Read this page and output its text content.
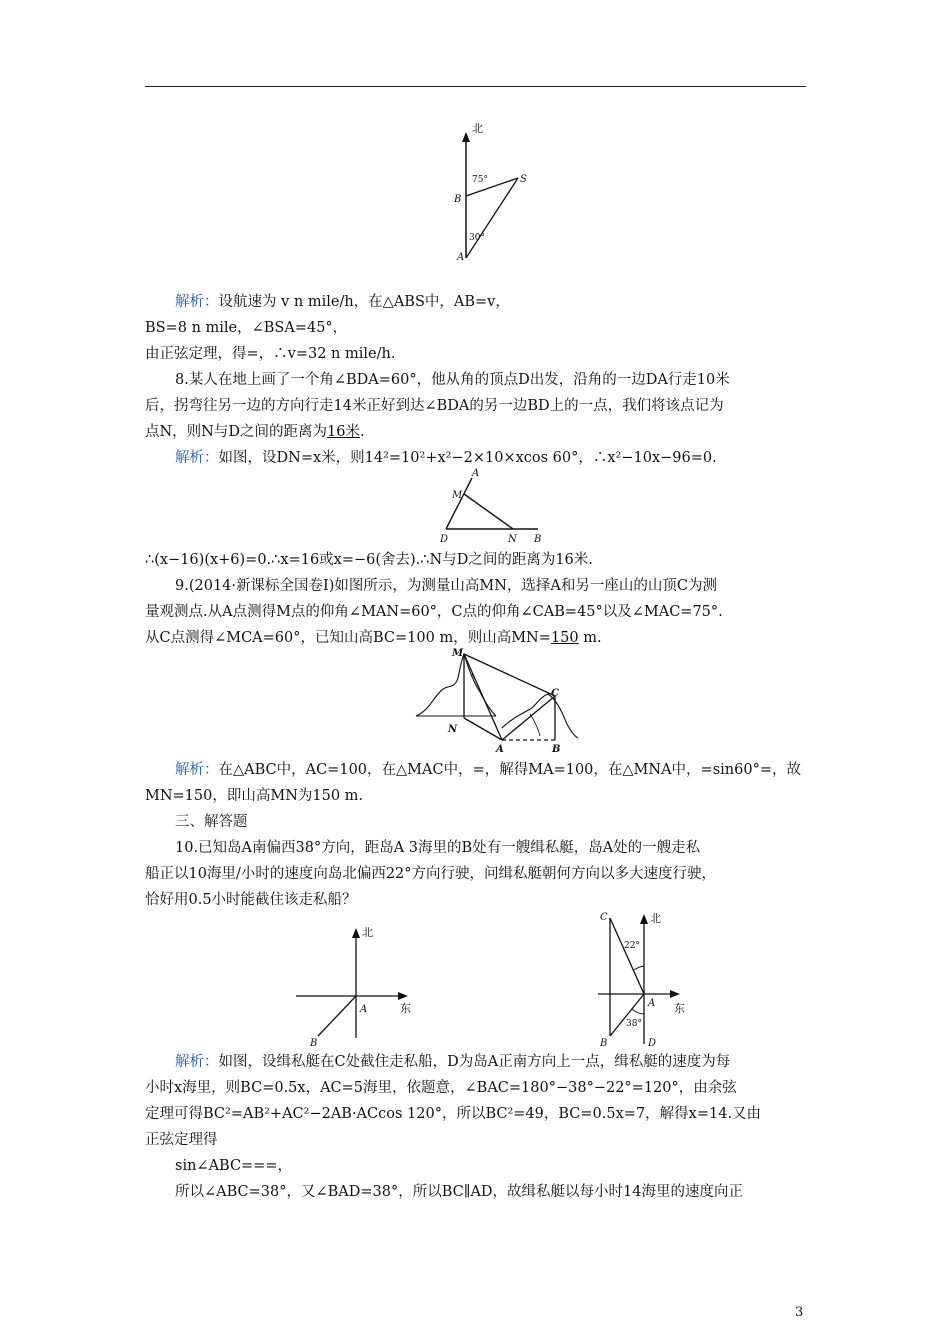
北
75°	S
B
30°
A
解析：设航速为 v n mile/h，在△ABS中，AB=v，
BS=8 n mile，∠BSA=45°，
由正弦定理，得=，∴v=32 n mile/h.
8.某人在地上画了一个角∠BDA=60°，他从角的顶点D出发，沿角的一边DA行走10米
后，拐弯往另一边的方向行走14米正好到达∠BDA的另一边BD上的一点，我们将该点记为
点N，则N与D之间的距离为16米.
解析：如图，设DN=x米，则14²=10²+x²−2×10×xcos 60°，∴x²−10x−96=0.
A
M
D	N B
∴(x−16)(x+6)=0.∴x=16或x=−6(舍去).∴N与D之间的距离为16米.
9.(2014·新课标全国卷Ⅰ)如图所示，为测量山高MN，选择A和另一座山的山顶C为测
量观测点.从A点测得M点的仰角∠MAN=60°，C点的仰角∠CAB=45°以及∠MAC=75°.
从C点测得∠MCA=60°，已知山高BC=100 m，则山高MN=150 m.
M
C
N
A	B
解析：在△ABC中，AC=100，在△MAC中，=，解得MA=100，在△MNA中，=sin60°=，故
MN=150，即山高MN为150 m.
三、解答题
10.已知岛A南偏西38°方向，距岛A 3海里的B处有一艘缉私艇，岛A处的一艘走私
船正以10海里/小时的速度向岛北偏西22°方向行驶，问缉私艇朝何方向以多大速度行驶，
恰好用0.5小时能截住该走私船？
北
东
A
B
C	北
22°
A 东
38°
B	D
解析：如图，设缉私艇在C处截住走私船，D为岛A正南方向上一点，缉私艇的速度为每
小时x海里，则BC=0.5x，AC=5海里，依题意，∠BAC=180°−38°−22°=120°，由余弦
定理可得BC²=AB²+AC²−2AB·ACcos 120°，所以BC²=49，BC=0.5x=7，解得x=14.又由
正弦定理得
sin∠ABC===，
所以∠ABC=38°，又∠BAD=38°，所以BC∥AD，故缉私艇以每小时14海里的速度向正
3
